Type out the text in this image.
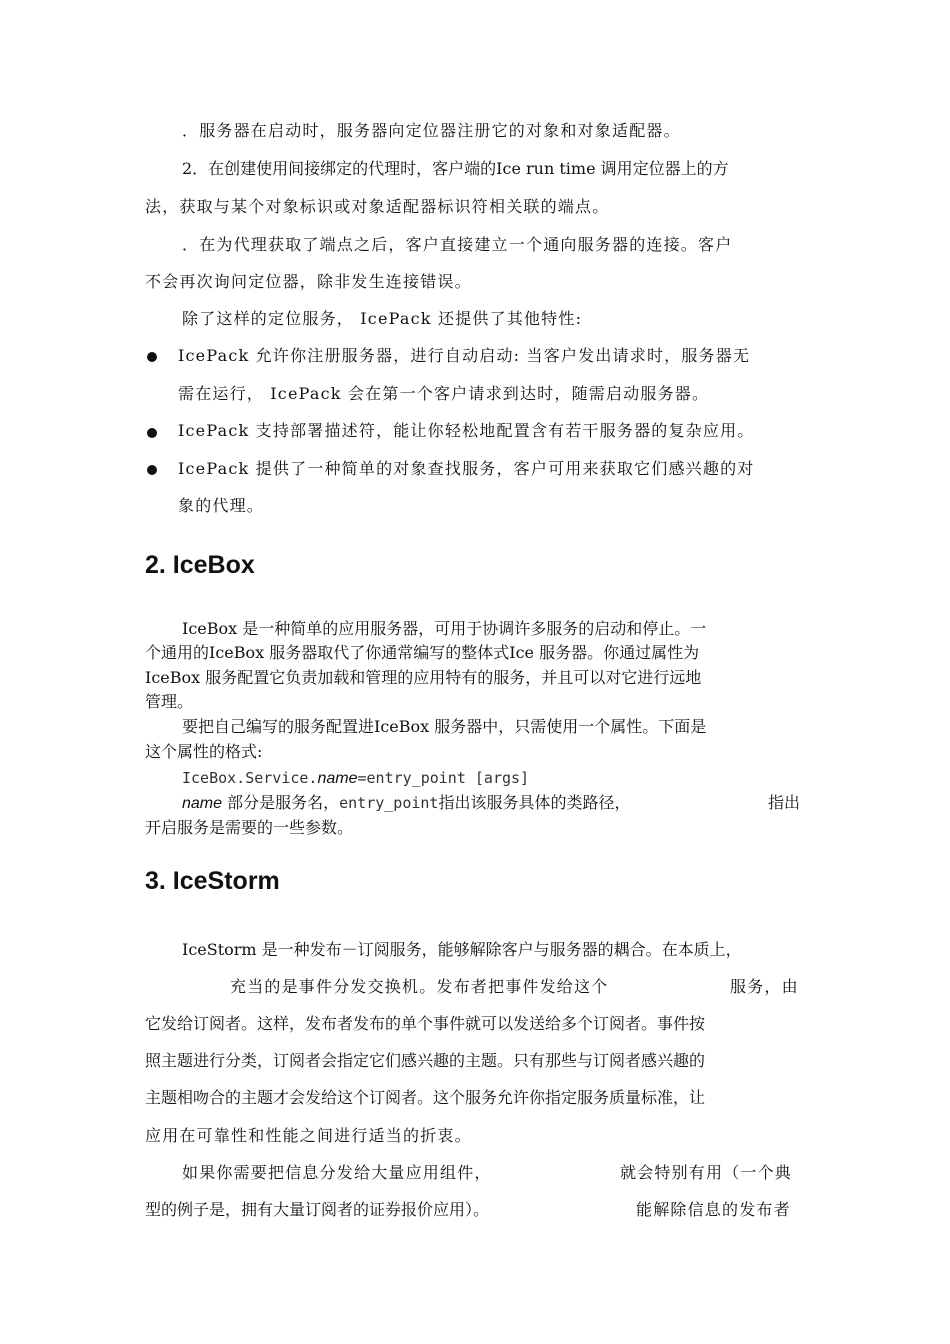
．服务器在启动时，服务器向定位器注册它的对象和对象适配器。
2．在创建使用间接绑定的代理时，客户端的Ice run time 调用定位器上的方
法，获取与某个对象标识或对象适配器标识符相关联的端点。
．在为代理获取了端点之后，客户直接建立一个通向服务器的连接。客户
不会再次询问定位器，除非发生连接错误。
除了这样的定位服务， IcePack 还提供了其他特性:
IcePack 允许你注册服务器，进行自动启动: 当客户发出请求时，服务器无
需在运行， IcePack 会在第一个客户请求到达时，随需启动服务器。
IcePack 支持部署描述符，能让你轻松地配置含有若干服务器的复杂应用。
IcePack 提供了一种简单的对象查找服务，客户可用来获取它们感兴趣的对
象的代理。
2. IceBox
IceBox 是一种简单的应用服务器，可用于协调许多服务的启动和停止。一
个通用的IceBox 服务器取代了你通常编写的整体式Ice 服务器。你通过属性为
IceBox 服务配置它负责加载和管理的应用特有的服务，并且可以对它进行远地
管理。
要把自己编写的服务配置进IceBox 服务器中，只需使用一个属性。下面是
这个属性的格式:
IceBox.Service.name=entry_point [args]
name 部分是服务名，entry_point指出该服务具体的类路径，	指出
开启服务是需要的一些参数。
3. IceStorm
IceStorm 是一种发布－订阅服务，能够解除客户与服务器的耦合。在本质上，
充当的是事件分发交换机。发布者把事件发给这个	服务，由
它发给订阅者。这样，发布者发布的单个事件就可以发送给多个订阅者。事件按
照主题进行分类，订阅者会指定它们感兴趣的主题。只有那些与订阅者感兴趣的
主题相吻合的主题才会发给这个订阅者。这个服务允许你指定服务质量标准，让
应用在可靠性和性能之间进行适当的折衷。
如果你需要把信息分发给大量应用组件，	就会特别有用（一个典
型的例子是，拥有大量订阅者的证券报价应用）。	能解除信息的发布者
